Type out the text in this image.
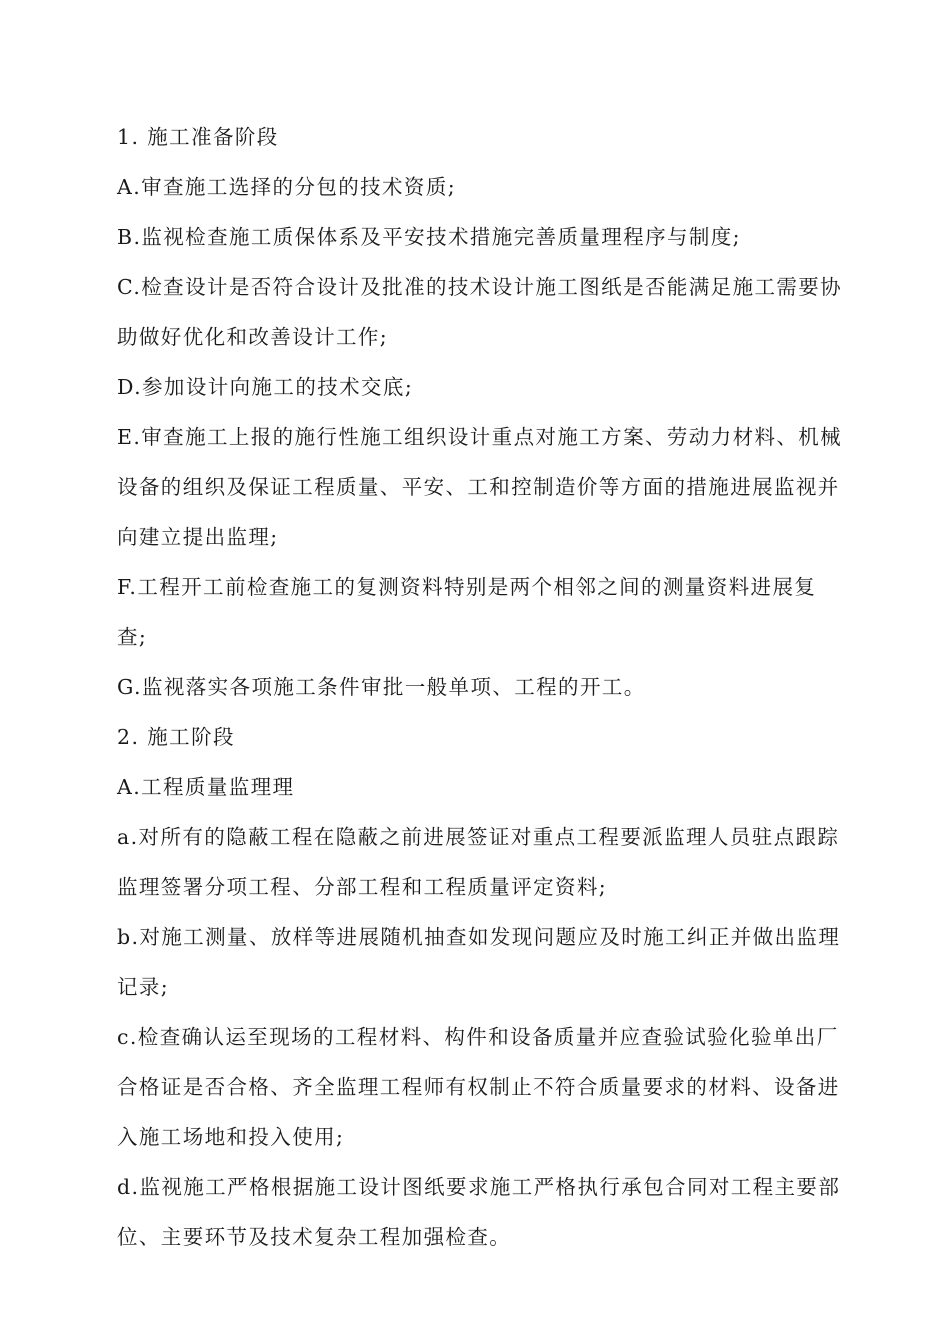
1. 施工准备阶段
A.审查施工选择的分包的技术资质;
B.监视检查施工质保体系及平安技术措施完善质量理程序与制度;
C.检查设计是否符合设计及批准的技术设计施工图纸是否能满足施工需要协
助做好优化和改善设计工作;
D.参加设计向施工的技术交底;
E.审查施工上报的施行性施工组织设计重点对施工方案、劳动力材料、机械
设备的组织及保证工程质量、平安、工和控制造价等方面的措施进展监视并
向建立提出监理;
F.工程开工前检查施工的复测资料特别是两个相邻之间的测量资料进展复
查;
G.监视落实各项施工条件审批一般单项、工程的开工。
2. 施工阶段
A.工程质量监理理
a.对所有的隐蔽工程在隐蔽之前进展签证对重点工程要派监理人员驻点跟踪
监理签署分项工程、分部工程和工程质量评定资料;
b.对施工测量、放样等进展随机抽查如发现问题应及时施工纠正并做出监理
记录;
c.检查确认运至现场的工程材料、构件和设备质量并应查验试验化验单出厂
合格证是否合格、齐全监理工程师有权制止不符合质量要求的材料、设备进
入施工场地和投入使用;
d.监视施工严格根据施工设计图纸要求施工严格执行承包合同对工程主要部
位、主要环节及技术复杂工程加强检查。
